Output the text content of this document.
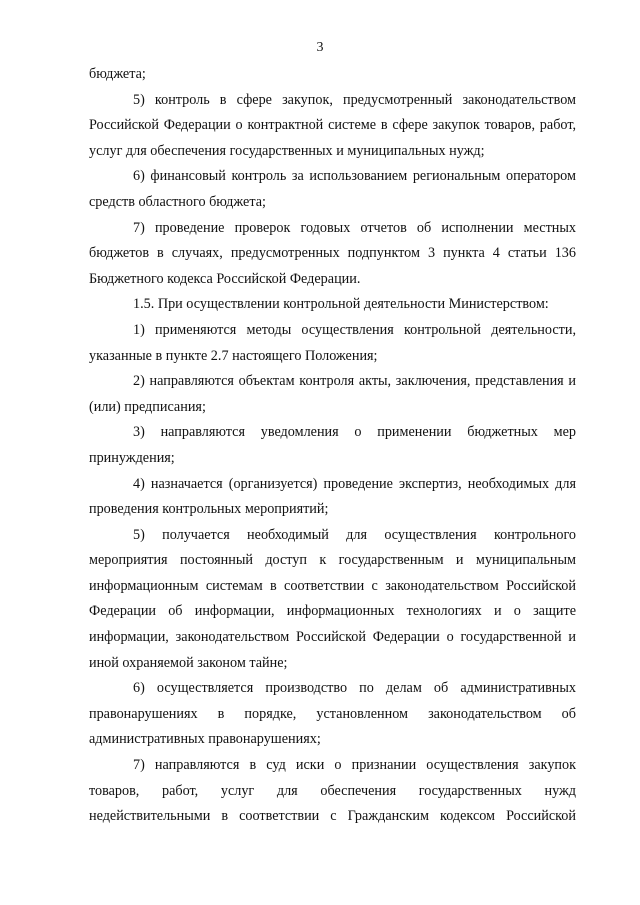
3

бюджета;

5) контроль в сфере закупок, предусмотренный законодательством Российской Федерации о контрактной системе в сфере закупок товаров, работ, услуг для обеспечения государственных и муниципальных нужд;

6) финансовый контроль за использованием региональным оператором средств областного бюджета;

7) проведение проверок годовых отчетов об исполнении местных бюджетов в случаях, предусмотренных подпунктом 3 пункта 4 статьи 136 Бюджетного кодекса Российской Федерации.

1.5. При осуществлении контрольной деятельности Министерством:

1) применяются методы осуществления контрольной деятельности, указанные в пункте 2.7 настоящего Положения;

2) направляются объектам контроля акты, заключения, представления и (или) предписания;

3) направляются уведомления о применении бюджетных мер принуждения;

4) назначается (организуется) проведение экспертиз, необходимых для проведения контрольных мероприятий;

5) получается необходимый для осуществления контрольного мероприятия постоянный доступ к государственным и муниципальным информационным системам в соответствии с законодательством Российской Федерации об информации, информационных технологиях и о защите информации, законодательством Российской Федерации о государственной и иной охраняемой законом тайне;

6) осуществляется производство по делам об административных правонарушениях в порядке, установленном законодательством об административных правонарушениях;

7) направляются в суд иски о признании осуществления закупок товаров, работ, услуг для обеспечения государственных нужд недействительными в соответствии с Гражданским кодексом Российской
